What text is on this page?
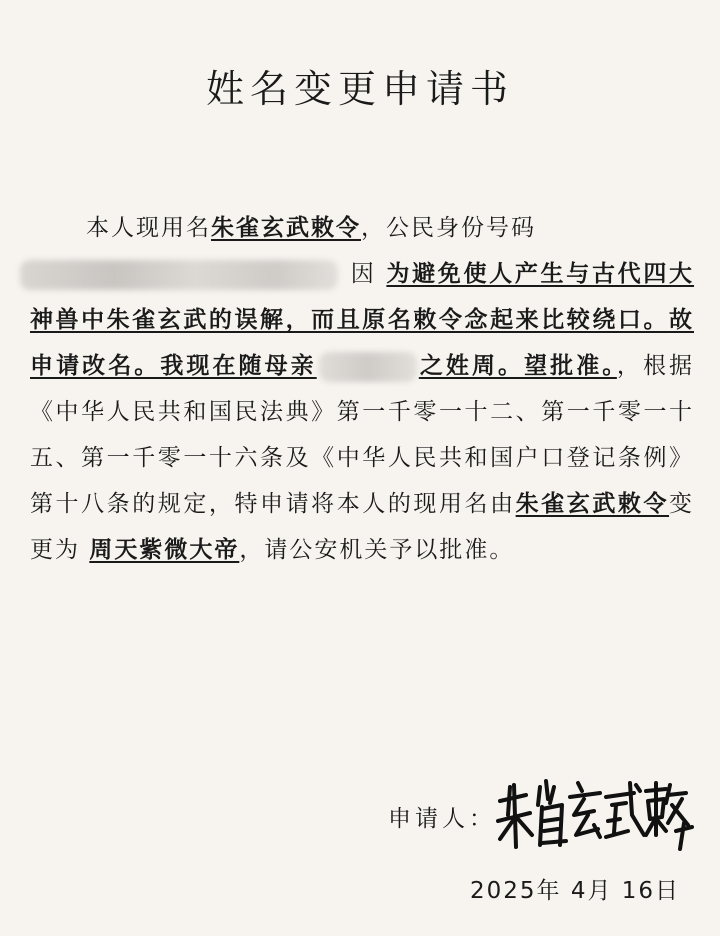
姓名变更申请书
本人现用名朱雀玄武敕令，公民身份号码
因 为避免使人产生与古代四大神兽中朱雀玄武的误解，而且原名敕令念起来比较绕口。故申请改名。我现在随母亲	之姓周。望批准。，根据《中华人民共和国民法典》第一千零一十二、第一千零一十五、第一千零一十六条及《中华人民共和国户口登记条例》第十八条的规定，特申请将本人的现用名由朱雀玄武敕令变更为 周天紫微大帝，请公安机关予以批准。
申请人：
2025年 4月 16日
